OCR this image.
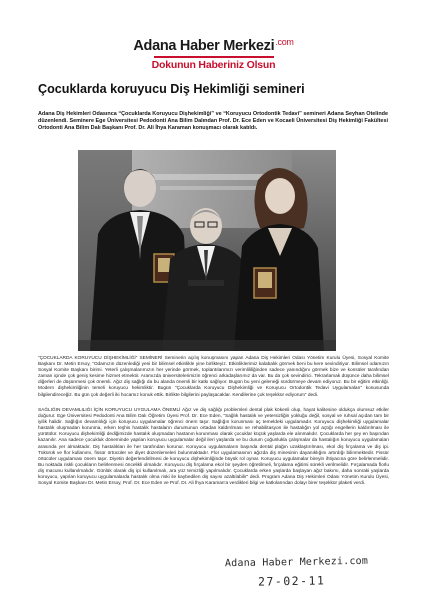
Adana Haber Merkezi$^{.com}$
Dokunun Haberiniz Olsun
Çocuklarda koruyucu Diş Hekimliği semineri

Adana Diş Hekimleri Odasınca “Çocuklarda Koruyucu Dişhekimliği” ve “Koruyucu Ortodontik Tedavi” semineri Adana Seyhan Otelinde düzenlendi. Seminere Ege Üniversitesi Pedodonti Ana Bilim Dalından Prof. Dr. Ece Eden ve Kocaeli Üniversitesi Diş Hekimliği Fakültesi Ortodonti Ana Bilim Dalı Başkanı Prof. Dr. Ali İhya Karaman konuşmacı olarak katıldı.

“ÇOCUKLARDA KORUYUCU DİŞHEKİMLİĞİ” SEMİNERİ Seminerin açılış konuşmasını yapan Adana Diş Hekimleri Odası Yönetim Kurulu Üyesi, Sosyal Komite Başkanı Dr. Metin Ersoy, “Odamızın düzenlediği yeni bir bilimsel etkinlikle yine birlikteyiz. Etkinliklerimiz kalabalık görmek beni bu kere sevindiriyor. Bilimsel odamızın Sosyal Komite Başkanı birimi. Yeterli çalışmalarımızın her yerinde görmek, toplantılarımızı verimlililiğinden sadece yanındığını görmek bize ve konsüler tarafından zaman içinde çok geniş kesime hizmet etmektir. Aramızda üniversitelerimizin öğrenci arkadaşlarımız da var. Bu da çok sevindirici. Tekrarlamak düşünce daha bilimsel diğerleri de düşünmesi çok önemli. Ağız diş sağlığı da bu alanda önemli bir katkı sağlıyor. Bugün bu yeni geleneği sürdürmeye devam ediyoruz. Bu bir eğitim etkinliği. Modern dişhekimliğinin temeli koruyucu hekimliktir. Bugün “Çocuklarda Koruyucu Dişhekimliği ve Koruyucu Ortodontik Tedavi Uygulamaları” konusunda bilgilendireceğiz. Bu gün çok değerli iki hocamız konuk ettik. Birlikte bilgilerini paylaşacaklar. Kendilerine çok teşekkür ediyorum” dedi.

SAĞLIĞIN DEVAMLILIĞI İÇİN KORUYUCU UYGULAMA ÖNEMLİ Ağız ve diş sağlığı problemleri dental plak kökenli olup, hayat kalitesine oldukça olumsuz etkiler doğurur. Ege Üniversitesi Pedodonti Ana Bilim Dalı Öğretim Üyesi Prof. Dr. Ece Eden, “Sağlık hastalık ve yetersizliğin yokluğu değil, sosyal ve ruhsal açıdan tam bir iyilik halidir. Sağlığın devamlılığı için koruyucu uygulamalar öğrenci önem taşır. Sağlığın korunması üç temeldeki uygulamadır. Koruyucu dişhekimliği uygulamalar hastalık oluşmadan korunma, erken teşhis hastalık hastaların durumunun ortadan kaldırılması ve rehabilitasyon ile hastalığın yol açtığı engellerin kaldırılması ile yürütülür. Koruyucu dişhekimliği dediğimizde hastalık oluşmadan hastanın korunması olarak çocuklar küçük yaşlarda ele alınmalıdır. Çocuklarda her şey en başından kazanılır. Ana sadece çocukluk döneminde yapılan koruyucu uygulamalar değil ileri yaşlarda ve bu durum çoğunlukla çalışmalar da hastalığın koruyucu uygulamaları arasında yer almaktadır. Diş hastalıkları ile her tarafından korunur. Koruyucu uygulamaların başında dental plağın uzaklaştırılması, ekol diş fırçalama ve diş ipi. Tükürük ve flor kullanımı, fissür örtücüler ve diyet düzenlemeleri bulunmaktadır. Flor uygulamasının ağızda diş minesinin dayanıklığını artırdığı bilinmektedir. Fissür örtücüler uygulaması önem taşır. Diyetin değerlendirilmesi de koruyucu dişhekimliğinde büyük rol oynar. Koruyucu uygulamalar bireyin ihtiyacına göre belirlenmelidir. Bu noktada riskli çocukların belirlenmesi öncelikli olmalıdır. Koruyucu diş fırçalama ekol bir şeyden öğretilmeli, fırçalama eğitimi sürekli verilmelidir. Fırçalamada florlu diş macunu kullanılmalıdır. Günlük olarak diş ipi kullanılmalı, ara yüz temizliği yapılmalıdır. Çocuklarda erken yaşlarda başlayan ağız bakımı, daha sonraki yaşlarda koruyucu, yapılan koruyucu uygulamalarda hastalık olma riski ile kaybedilen diş sayısı azaltılabilir” dedi. Program Adana Diş Hekimleri Odası Yönetim Kurulu Üyesi, Sosyal Komite Başkanı Dr. Metin Ersoy, Prof. Dr. Ece Eden ve Prof. Dr. Ali İhya Karaman'a verdikleri bilgi ve katkılarından dolayı birer teşekkür plaketi verdi.

Adana Haber Merkezi.com
27-02-11
